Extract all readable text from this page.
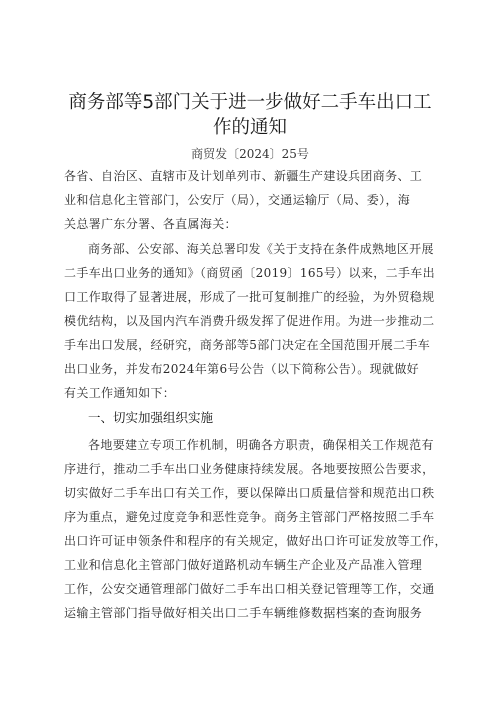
商务部等5部门关于进一步做好二手车出口工
作的通知
商贸发〔2024〕25号
各省、自治区、直辖市及计划单列市、新疆生产建设兵团商务、工
业和信息化主管部门，公安厅（局），交通运输厅（局、委），海
关总署广东分署、各直属海关：
商务部、公安部、海关总署印发《关于支持在条件成熟地区开展
二手车出口业务的通知》（商贸函〔2019〕165号）以来，二手车出
口工作取得了显著进展，形成了一批可复制推广的经验，为外贸稳规
模优结构，以及国内汽车消费升级发挥了促进作用。为进一步推动二
手车出口发展，经研究，商务部等5部门决定在全国范围开展二手车
出口业务，并发布2024年第6号公告（以下简称公告）。现就做好
有关工作通知如下：
一、切实加强组织实施
各地要建立专项工作机制，明确各方职责，确保相关工作规范有
序进行，推动二手车出口业务健康持续发展。各地要按照公告要求，
切实做好二手车出口有关工作，要以保障出口质量信誉和规范出口秩
序为重点，避免过度竞争和恶性竞争。商务主管部门严格按照二手车
出口许可证申领条件和程序的有关规定，做好出口许可证发放等工作，
工业和信息化主管部门做好道路机动车辆生产企业及产品准入管理
工作，公安交通管理部门做好二手车出口相关登记管理等工作，交通
运输主管部门指导做好相关出口二手车辆维修数据档案的查询服务
